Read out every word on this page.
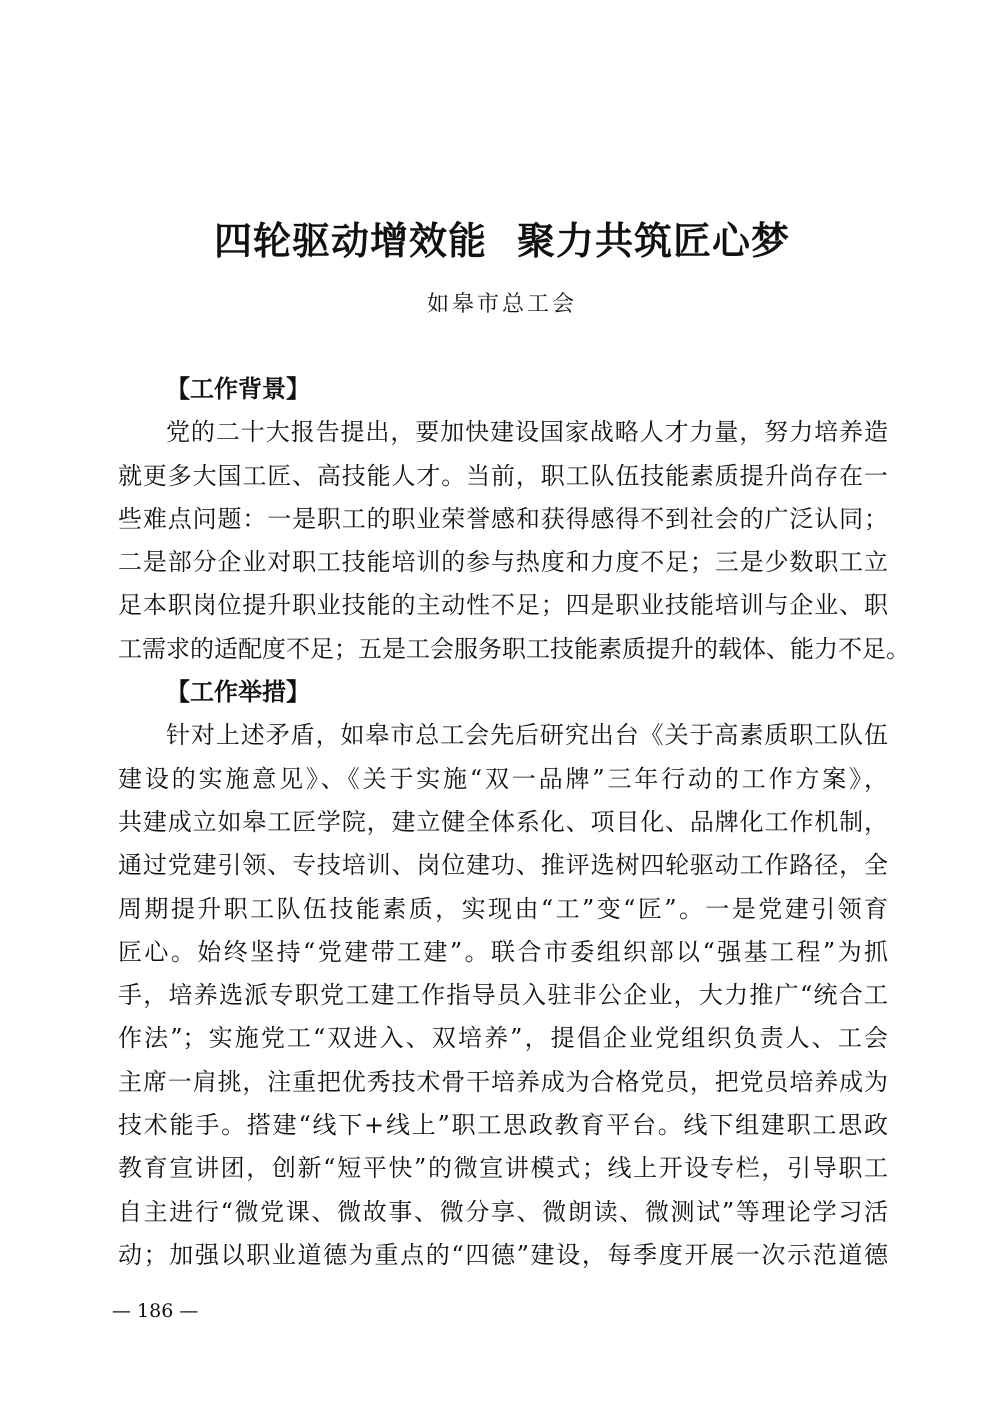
四轮驱动增效能 聚力共筑匠心梦

如皋市总工会

【工作背景】
党的二十大报告提出，要加快建设国家战略人才力量，努力培养造
就更多大国工匠、高技能人才。当前，职工队伍技能素质提升尚存在一
些难点问题：一是职工的职业荣誉感和获得感得不到社会的广泛认同；
二是部分企业对职工技能培训的参与热度和力度不足；三是少数职工立
足本职岗位提升职业技能的主动性不足；四是职业技能培训与企业、职
工需求的适配度不足；五是工会服务职工技能素质提升的载体、能力不足。
【工作举措】
针对上述矛盾，如皋市总工会先后研究出台《关于高素质职工队伍
建设的实施意见》、《关于实施“双一品牌”三年行动的工作方案》，
共建成立如皋工匠学院，建立健全体系化、项目化、品牌化工作机制，
通过党建引领、专技培训、岗位建功、推评选树四轮驱动工作路径，全
周期提升职工队伍技能素质，实现由“工”变“匠”。一是党建引领育
匠心。始终坚持“党建带工建”。联合市委组织部以“强基工程”为抓
手，培养选派专职党工建工作指导员入驻非公企业，大力推广“统合工
作法”；实施党工“双进入、双培养”，提倡企业党组织负责人、工会
主席一肩挑，注重把优秀技术骨干培养成为合格党员，把党员培养成为
技术能手。搭建“线下+线上”职工思政教育平台。线下组建职工思政
教育宣讲团，创新“短平快”的微宣讲模式；线上开设专栏，引导职工
自主进行“微党课、微故事、微分享、微朗读、微测试”等理论学习活
动；加强以职业道德为重点的“四德”建设，每季度开展一次示范道德

— 186 —
